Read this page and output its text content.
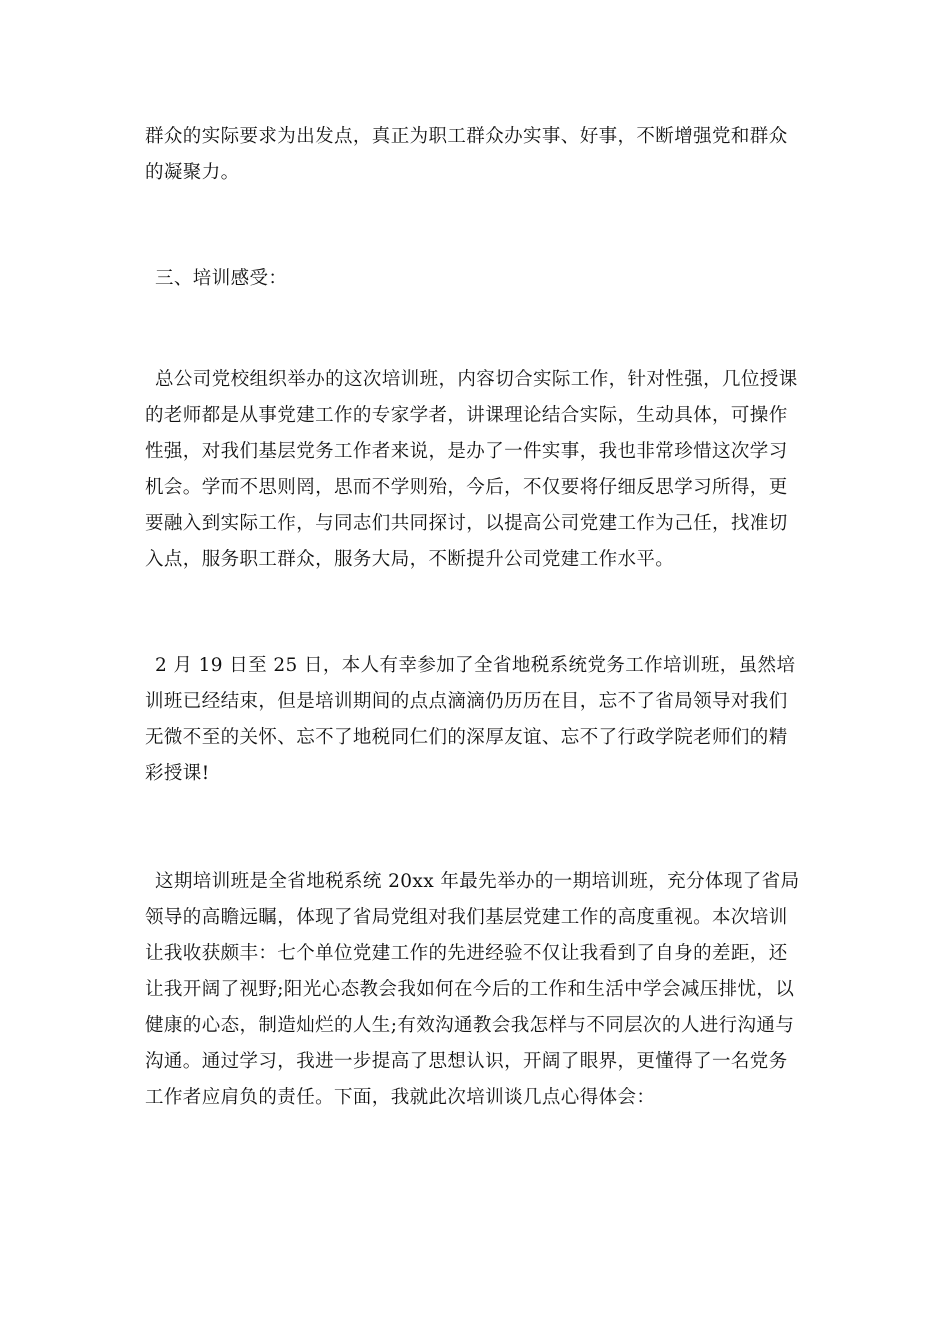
群众的实际要求为出发点，真正为职工群众办实事、好事，不断增强党和群众的凝聚力。

三、培训感受：

总公司党校组织举办的这次培训班，内容切合实际工作，针对性强，几位授课的老师都是从事党建工作的专家学者，讲课理论结合实际，生动具体，可操作性强，对我们基层党务工作者来说，是办了一件实事，我也非常珍惜这次学习机会。学而不思则罔，思而不学则殆，今后，不仅要将仔细反思学习所得，更要融入到实际工作，与同志们共同探讨，以提高公司党建工作为己任，找准切入点，服务职工群众，服务大局，不断提升公司党建工作水平。

2 月 19 日至 25 日，本人有幸参加了全省地税系统党务工作培训班，虽然培训班已经结束，但是培训期间的点点滴滴仍历历在目，忘不了省局领导对我们无微不至的关怀、忘不了地税同仁们的深厚友谊、忘不了行政学院老师们的精彩授课!

这期培训班是全省地税系统 20xx 年最先举办的一期培训班，充分体现了省局领导的高瞻远瞩，体现了省局党组对我们基层党建工作的高度重视。本次培训让我收获颇丰：七个单位党建工作的先进经验不仅让我看到了自身的差距，还让我开阔了视野;阳光心态教会我如何在今后的工作和生活中学会减压排忧，以健康的心态，制造灿烂的人生;有效沟通教会我怎样与不同层次的人进行沟通与沟通。通过学习，我进一步提高了思想认识，开阔了眼界，更懂得了一名党务工作者应肩负的责任。下面，我就此次培训谈几点心得体会：
